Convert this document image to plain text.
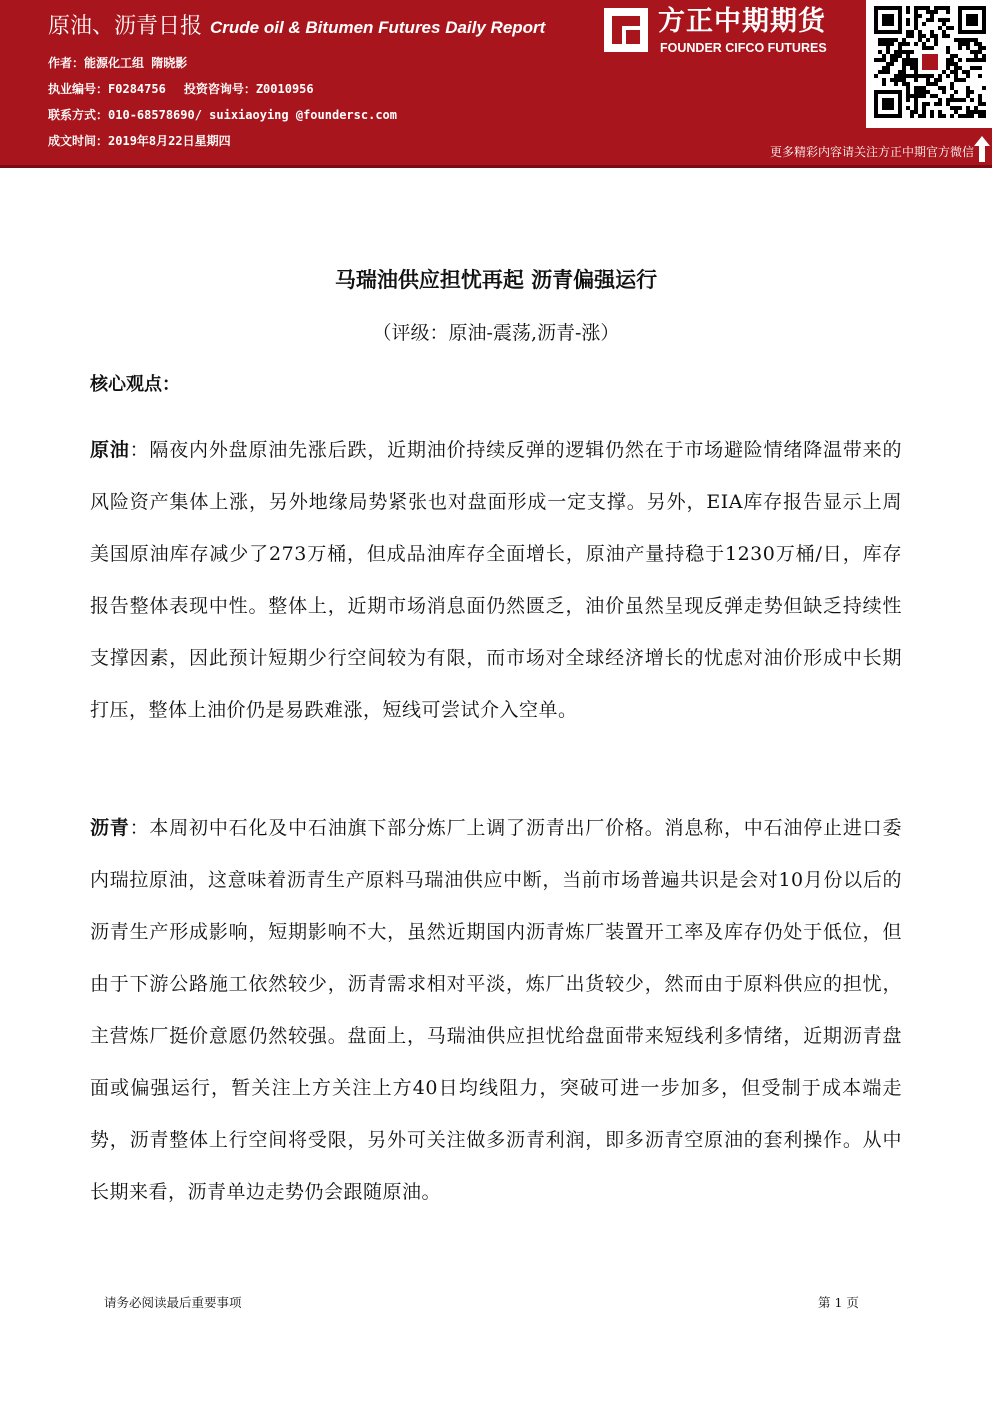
原油、沥青日报 Crude oil & Bitumen Futures Daily Report
作者：能源化工组 隋晓影
执业编号：F0284756 投资咨询号：Z0010956
联系方式：010-68578690/ suixiaoying @foundersc.com
成文时间：2019年8月22日星期四
方正中期期货
FOUNDER CIFCO FUTURES
更多精彩内容请关注方正中期官方微信
马瑞油供应担忧再起 沥青偏强运行
（评级：原油-震荡,沥青-涨）
核心观点：

原油：隔夜内外盘原油先涨后跌，近期油价持续反弹的逻辑仍然在于市场避险情绪降温带来的风险资产集体上涨，另外地缘局势紧张也对盘面形成一定支撑。另外，EIA库存报告显示上周美国原油库存减少了273万桶，但成品油库存全面增长，原油产量持稳于1230万桶/日，库存报告整体表现中性。整体上，近期市场消息面仍然匮乏，油价虽然呈现反弹走势但缺乏持续性支撑因素，因此预计短期少行空间较为有限，而市场对全球经济增长的忧虑对油价形成中长期打压，整体上油价仍是易跌难涨，短线可尝试介入空单。

沥青：本周初中石化及中石油旗下部分炼厂上调了沥青出厂价格。消息称，中石油停止进口委内瑞拉原油，这意味着沥青生产原料马瑞油供应中断，当前市场普遍共识是会对10月份以后的沥青生产形成影响，短期影响不大，虽然近期国内沥青炼厂装置开工率及库存仍处于低位，但由于下游公路施工依然较少，沥青需求相对平淡，炼厂出货较少，然而由于原料供应的担忧，主营炼厂挺价意愿仍然较强。盘面上，马瑞油供应担忧给盘面带来短线利多情绪，近期沥青盘面或偏强运行，暂关注上方关注上方40日均线阻力，突破可进一步加多，但受制于成本端走势，沥青整体上行空间将受限，另外可关注做多沥青利润，即多沥青空原油的套利操作。从中长期来看，沥青单边走势仍会跟随原油。

请务必阅读最后重要事项	第 1 页
